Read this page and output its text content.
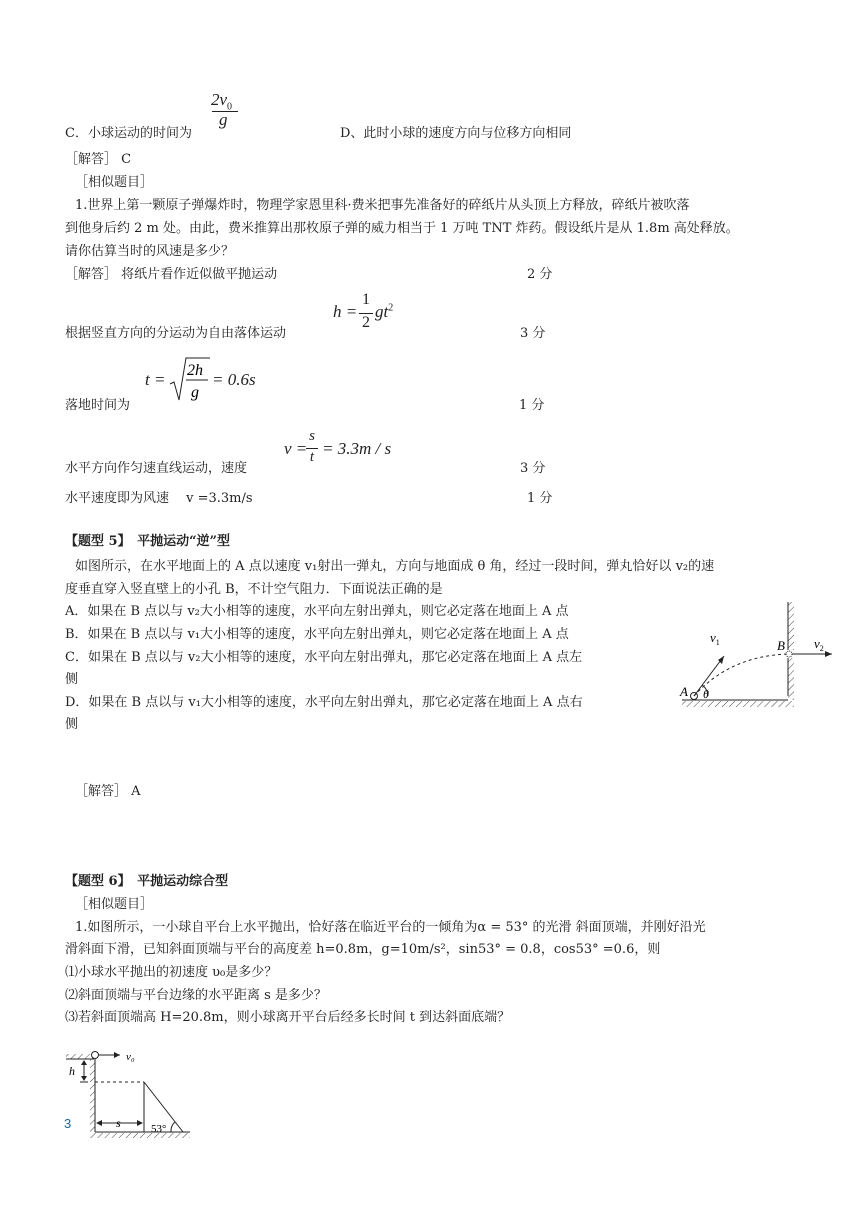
$2v_0$
g
C．小球运动的时间为	D、此时小球的速度方向与位移方向相同
［解答］ C
［相似题目］
1.世界上第一颗原子弹爆炸时，物理学家恩里科·费米把事先准备好的碎纸片从头顶上方释放，碎纸片被吹落
到他身后约 2 m 处。由此，费米推算出那枚原子弹的威力相当于 1 万吨 TNT 炸药。假设纸片是从 1.8m 高处释放。
请你估算当时的风速是多少？
［解答］ 将纸片看作近似做平抛运动	2 分
h =
1
2
$gt^2$
根据竖直方向的分运动为自由落体运动	3 分
t = 2h
g
= 0.6s
落地时间为	1 分
v =
s
t = 3.3m / s
水平方向作匀速直线运动，速度	3 分
水平速度即为风速　 v =3.3m/s	1 分
【题型 5】　平抛运动“逆”型
如图所示，在水平地面上的 A 点以速度 v₁射出一弹丸，方向与地面成 θ 角，经过一段时间，弹丸恰好以 v₂的速
度垂直穿入竖直壁上的小孔 B，不计空气阻力．下面说法正确的是
A．如果在 B 点以与 v₂大小相等的速度，水平向左射出弹丸，则它必定落在地面上 A 点
B．如果在 B 点以与 v₁大小相等的速度，水平向左射出弹丸，则它必定落在地面上 A 点
C．如果在 B 点以与 v₂大小相等的速度，水平向左射出弹丸，那它必定落在地面上 A 点左
侧
D．如果在 B 点以与 v₁大小相等的速度，水平向左射出弹丸，那它必定落在地面上 A 点右
侧
$v_1$	B $v_2$
A θ
［解答］ A
【题型 6】　平抛运动综合型
［相似题目］
1.如图所示，一小球自平台上水平抛出，恰好落在临近平台的一倾角为α = 53° 的光滑 斜面顶端，并刚好沿光
滑斜面下滑，已知斜面顶端与平台的高度差 h=0.8m，g=10m/s²，sin53° = 0.8，cos53° =0.6，则
⑴小球水平抛出的初速度 υ₀是多少？
⑵斜面顶端与平台边缘的水平距离 s 是多少？
⑶若斜面顶端高 H=20.8m，则小球离开平台后经多长时间 t 到达斜面底端？
v₀
h
s	53°
3
